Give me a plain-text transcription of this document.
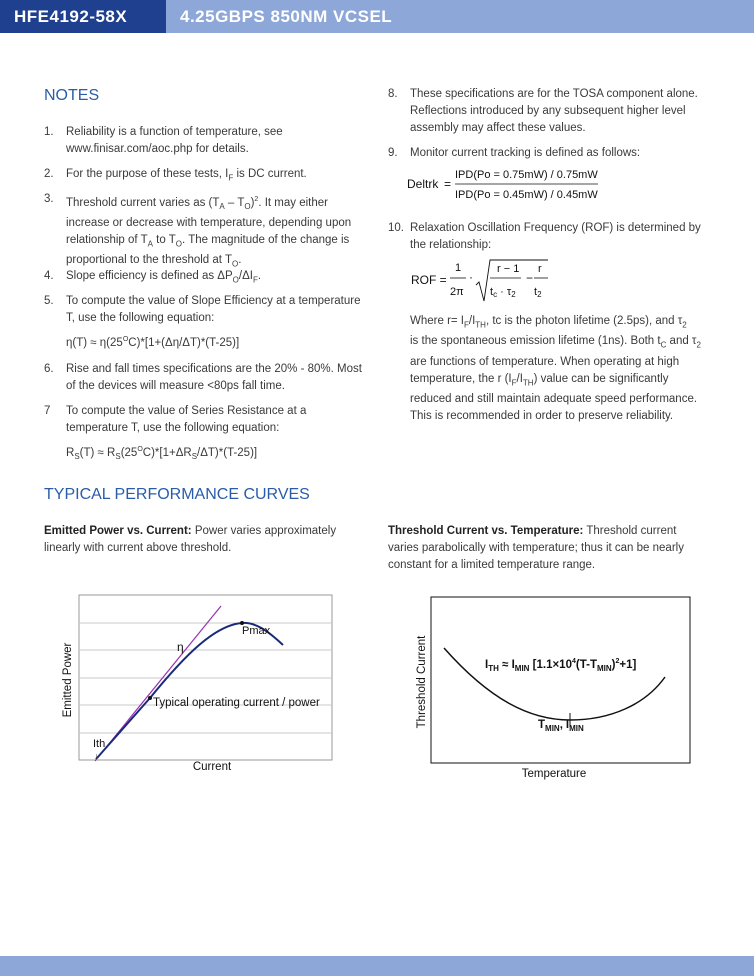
HFE4192-58X	4.25GBPS 850NM VCSEL
NOTES
1. Reliability is a function of temperature, see
www.finisar.com/aoc.php for details.
2. For the purpose of these tests, $I_F$ is DC current.
3. Threshold current varies as $(T_A - T_O)^2$. It may either
increase or decrease with temperature, depending upon
relationship of $T_A$ to $T_O$. The magnitude of the change is
proportional to the threshold at $T_O$.
4. Slope efficiency is defined as $\Delta P_O/\Delta I_F$.
5. To compute the value of Slope Efficiency at a temperature
T, use the following equation:
$\eta(T) \approx \eta(25^OC)*[1+(\Delta\eta/\Delta T)*(T-25)]$
6. Rise and fall times specifications are the 20% - 80%. Most
of the devices will measure <80ps fall time.
7 To compute the value of Series Resistance at a
temperature T, use the following equation:
$R_S(T) \approx R_S(25^OC)*[1+\Delta R_S/\Delta T)*(T-25)$]
8. These specifications are for the TOSA component alone.
Reflections introduced by any subsequent higher level
assembly may affect these values.
9. Monitor current tracking is defined as follows:
Deltrk =
IPD(Po = 0.75mW) / 0.75mW
IPD(Po = 0.45mW) / 0.45mW
10. Relaxation Oscillation Frequency (ROF) is determined by
the relationship:
ROF =
1
2π
·
r − 1
tc · τ2
−
r
t2
Where $r= I_F/I_{TH}$, tc is the photon lifetime (2.5ps), and $\tau_2$
is the spontaneous emission lifetime (1ns). Both $t_C$ and $\tau_2$
are functions of temperature. When operating at high
temperature, the r $(I_F/I_{TH})$ value can be significantly
reduced and still maintain adequate speed performance.
This is recommended in order to preserve reliability.
TYPICAL PERFORMANCE CURVES
Emitted Power vs. Current: Power varies approximately
linearly with current above threshold.
Threshold Current vs. Temperature: Threshold current
varies parabolically with temperature; thus it can be nearly
constant for a limited temperature range.
Pmax
η
Typical operating current / power
Ith
↓
Current
Emitted Power	$I_{TH} \approx I_{MIN}$ $[1.1\times 10^4(T-T_{MIN})^2+1]$
$T_{MIN}$, $I_{MIN}$
Temperature
Threshold Current
